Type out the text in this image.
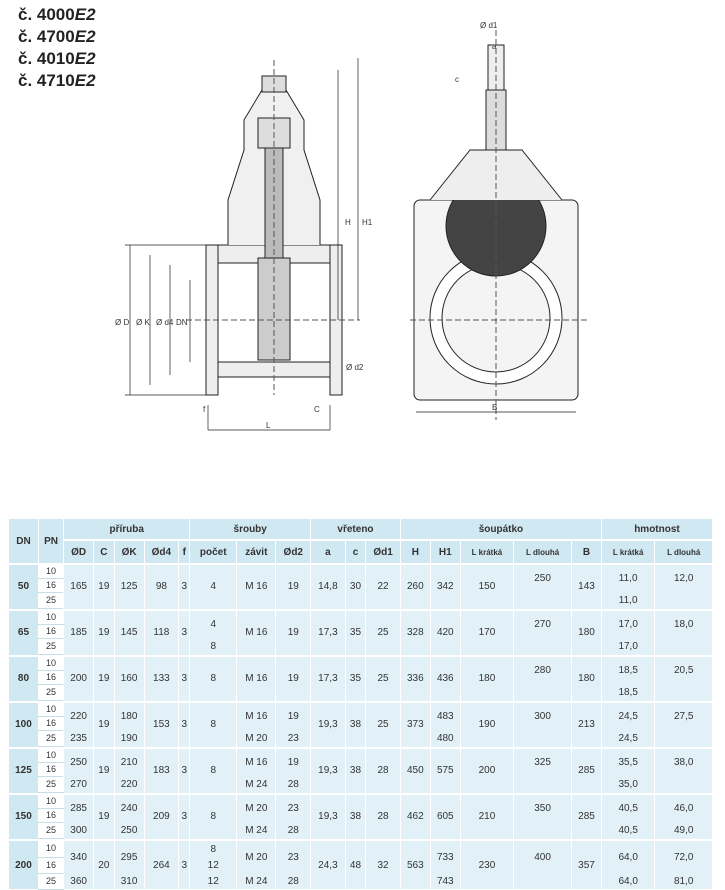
č. 4000E2
č. 4700E2
č. 4010E2
č. 4710E2
Ø d1
a
c
H H1
Ø D Ø K Ø d4 DN
Ø d2
f	C
L
B
DN	PN	příruba					šrouby			vřeteno			šoupátko					hmotnost	
		ØD	C	ØK	Ød4	f	počet	závit	Ød2	a	c	Ød1	H	H1	L krátká	L dlouhá	B	L krátká	L dlouhá

50	10	165	19	125	98	3	4	M 16	19	14,8	30	22	260	342	150	250	143	11,0	12,0
	16																		
	25																	11,0	

65	10	185	19	145	118	3	4	M 16	19	17,3	35	25	328	420	170	270	180	17,0	18,0
	16																		
	25						8											17,0	

80	10	200	19	160	133	3	8	M 16	19	17,3	35	25	336	436	180	280	180	18,5	20,5
	16																		
	25																	18,5	

100	10	220	19	180	153	3	8	M 16	19	19,3	38	25	373	483	190	300	213	24,5	27,5
	16																		
	25	235		190				M 20	23					480				24,5	

125	10	250	19	210	183	3	8	M 16	19	19,3	38	28	450	575	200	325	285	35,5	38,0
	16																		
	25	270		220				M 24	28									35,0	

150	10	285	19	240	209	3	8	M 20	23	19,3	38	28	462	605	210	350	285	40,5	46,0
	16																		
	25	300		250				M 24	28									40,5	49,0

200	10	340	20	295	264	3	8	M 20	23	24,3	48	32	563	733	230	400	357	64,0	72,0
	16						12												
	25	360		310			12	M 24	28					743				64,0	81,0
